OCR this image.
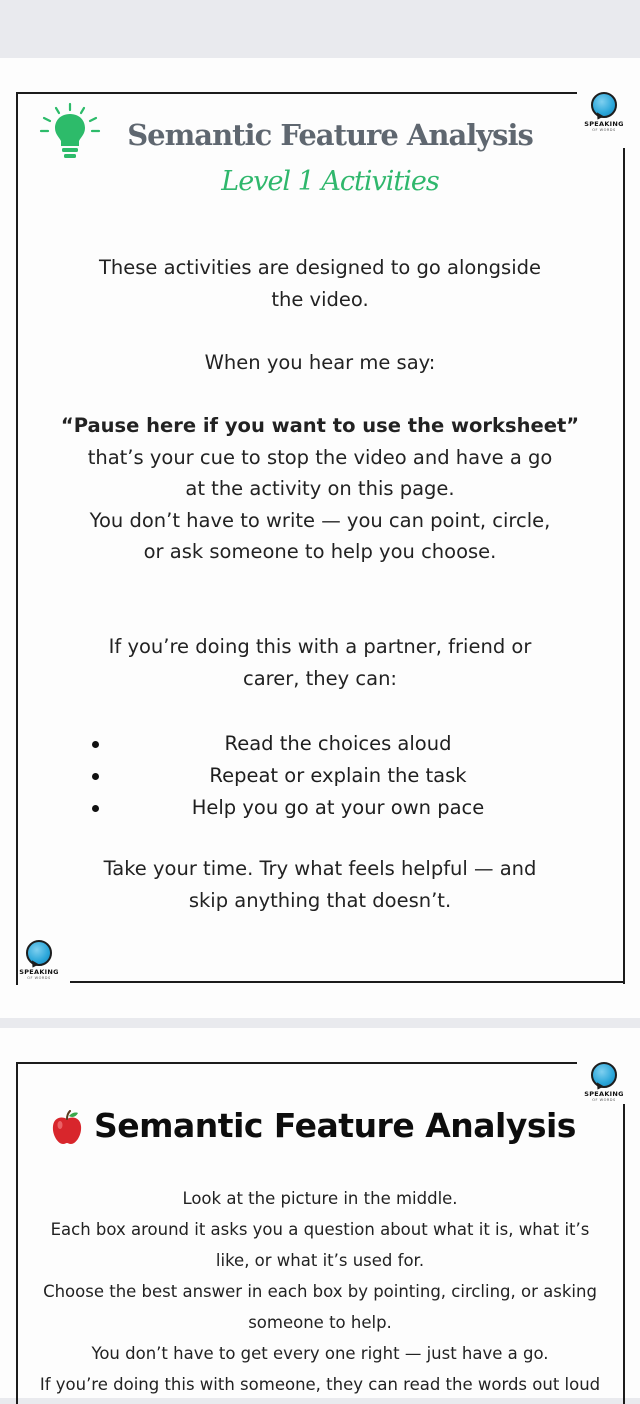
Semantic Feature Analysis
Level 1 Activities
SPEAKING
OF WORDS
These activities are designed to go alongside
the video.
When you hear me say:
“Pause here if you want to use the worksheet”
that’s your cue to stop the video and have a go
at the activity on this page.
You don’t have to write — you can point, circle,
or ask someone to help you choose.
If you’re doing this with a partner, friend or
carer, they can:
Read the choices aloud
Repeat or explain the task
Help you go at your own pace
Take your time. Try what feels helpful — and
skip anything that doesn’t.
SPEAKING
OF WORDS
SPEAKING
OF WORDS
Semantic Feature Analysis
Look at the picture in the middle.
Each box around it asks you a question about what it is, what it’s
like, or what it’s used for.
Choose the best answer in each box by pointing, circling, or asking
someone to help.
You don’t have to get every one right — just have a go.
If you’re doing this with someone, they can read the words out loud
